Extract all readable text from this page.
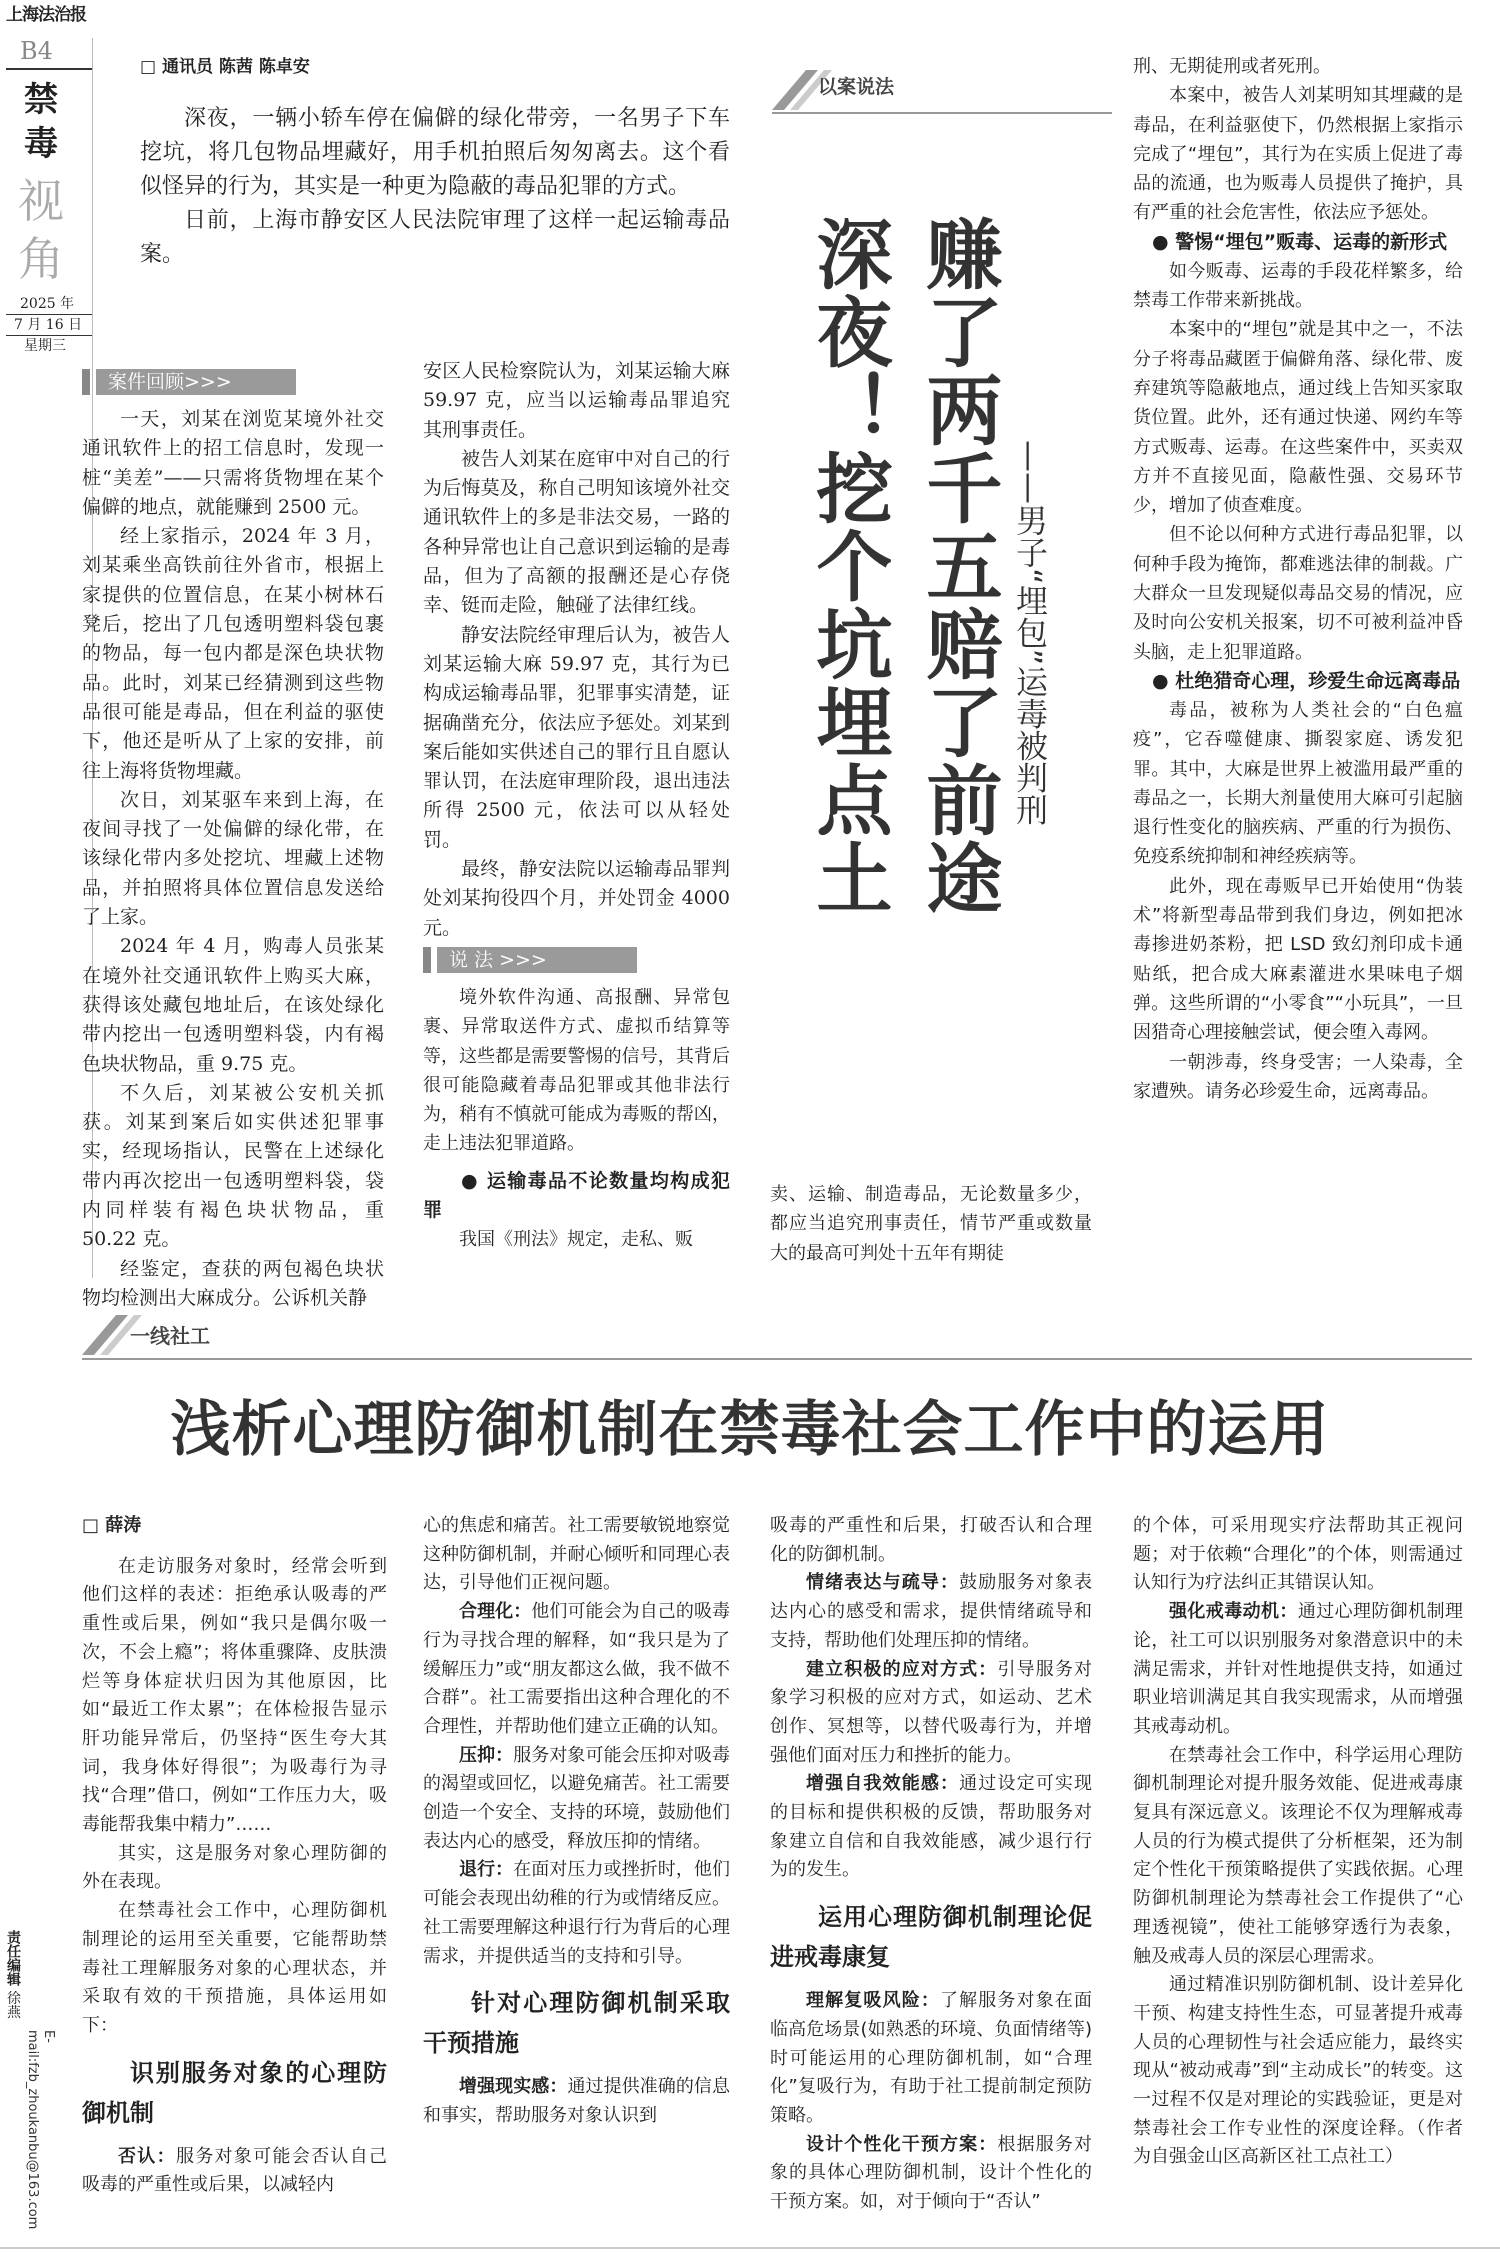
上海法治报
B4
禁
毒
视
角
2025 年
7 月 16 日
星期三
责任编辑 徐燕
E-mail:fzb_zhoukanbu@163.com
□ 通讯员 陈茜 陈卓安

深夜，一辆小轿车停在偏僻的绿化带旁，一名男子下车挖坑，将几包物品埋藏好，用手机拍照后匆匆离去。这个看似怪异的行为，其实是一种更为隐蔽的毒品犯罪的方式。

日前，上海市静安区人民法院审理了这样一起运输毒品案。

以案说法
赚了两千五赔了前途
深夜！挖个坑埋点土	——男子“埋包”运毒被判刑
案件回顾>>>

一天，刘某在浏览某境外社交通讯软件上的招工信息时，发现一桩“美差”——只需将货物埋在某个偏僻的地点，就能赚到 2500 元。

经上家指示，2024 年 3 月，刘某乘坐高铁前往外省市，根据上家提供的位置信息，在某小树林石凳后，挖出了几包透明塑料袋包裹的物品，每一包内都是深色块状物品。此时，刘某已经猜测到这些物品很可能是毒品，但在利益的驱使下，他还是听从了上家的安排，前往上海将货物埋藏。

次日，刘某驱车来到上海，在夜间寻找了一处偏僻的绿化带，在该绿化带内多处挖坑、埋藏上述物品，并拍照将具体位置信息发送给了上家。

2024 年 4 月，购毒人员张某在境外社交通讯软件上购买大麻，获得该处藏包地址后，在该处绿化带内挖出一包透明塑料袋，内有褐色块状物品，重 9.75 克。

不久后，刘某被公安机关抓获。刘某到案后如实供述犯罪事实，经现场指认，民警在上述绿化带内再次挖出一包透明塑料袋，袋内同样装有褐色块状物品，重 50.22 克。

经鉴定，查获的两包褐色块状物均检测出大麻成分。公诉机关静

安区人民检察院认为，刘某运输大麻 59.97 克，应当以运输毒品罪追究其刑事责任。

被告人刘某在庭审中对自己的行为后悔莫及，称自己明知该境外社交通讯软件上的多是非法交易，一路的各种异常也让自己意识到运输的是毒品，但为了高额的报酬还是心存侥幸、铤而走险，触碰了法律红线。

静安法院经审理后认为，被告人刘某运输大麻 59.97 克，其行为已构成运输毒品罪，犯罪事实清楚，证据确凿充分，依法应予惩处。刘某到案后能如实供述自己的罪行且自愿认罪认罚，在法庭审理阶段，退出违法所得 2500 元，依法可以从轻处罚。

最终，静安法院以运输毒品罪判处刘某拘役四个月，并处罚金 4000 元。

说 法 >>>

境外软件沟通、高报酬、异常包裹、异常取送件方式、虚拟币结算等等，这些都是需要警惕的信号，其背后很可能隐藏着毒品犯罪或其他非法行为，稍有不慎就可能成为毒贩的帮凶，走上违法犯罪道路。

● 运输毒品不论数量均构成犯罪

我国《刑法》规定，走私、贩

卖、运输、制造毒品，无论数量多少，都应当追究刑事责任，情节严重或数量大的最高可判处十五年有期徒

刑、无期徒刑或者死刑。

本案中，被告人刘某明知其埋藏的是毒品，在利益驱使下，仍然根据上家指示完成了“埋包”，其行为在实质上促进了毒品的流通，也为贩毒人员提供了掩护，具有严重的社会危害性，依法应予惩处。

● 警惕“埋包”贩毒、运毒的新形式

如今贩毒、运毒的手段花样繁多，给禁毒工作带来新挑战。

本案中的“埋包”就是其中之一，不法分子将毒品藏匿于偏僻角落、绿化带、废弃建筑等隐蔽地点，通过线上告知买家取货位置。此外，还有通过快递、网约车等方式贩毒、运毒。在这些案件中，买卖双方并不直接见面，隐蔽性强、交易环节少，增加了侦查难度。

但不论以何种方式进行毒品犯罪，以何种手段为掩饰，都难逃法律的制裁。广大群众一旦发现疑似毒品交易的情况，应及时向公安机关报案，切不可被利益冲昏头脑，走上犯罪道路。

● 杜绝猎奇心理，珍爱生命远离毒品

毒品，被称为人类社会的“白色瘟疫”，它吞噬健康、撕裂家庭、诱发犯罪。其中，大麻是世界上被滥用最严重的毒品之一，长期大剂量使用大麻可引起脑退行性变化的脑疾病、严重的行为损伤、免疫系统抑制和神经疾病等。

此外，现在毒贩早已开始使用“伪装术”将新型毒品带到我们身边，例如把冰毒掺进奶茶粉，把 LSD 致幻剂印成卡通贴纸，把合成大麻素灌进水果味电子烟弹。这些所谓的“小零食”“小玩具”，一旦因猎奇心理接触尝试，便会堕入毒网。

一朝涉毒，终身受害；一人染毒，全家遭殃。请务必珍爱生命，远离毒品。

一线社工
浅析心理防御机制在禁毒社会工作中的运用

□ 薛涛

在走访服务对象时，经常会听到他们这样的表述：拒绝承认吸毒的严重性或后果，例如“我只是偶尔吸一次，不会上瘾”；将体重骤降、皮肤溃烂等身体症状归因为其他原因，比如“最近工作太累”；在体检报告显示肝功能异常后，仍坚持“医生夸大其词，我身体好得很”；为吸毒行为寻找“合理”借口，例如“工作压力大，吸毒能帮我集中精力”……

其实，这是服务对象心理防御的外在表现。

在禁毒社会工作中，心理防御机制理论的运用至关重要，它能帮助禁毒社工理解服务对象的心理状态，并采取有效的干预措施，具体运用如下：

识别服务对象的心理防御机制

否认：服务对象可能会否认自己吸毒的严重性或后果，以减轻内

心的焦虑和痛苦。社工需要敏锐地察觉这种防御机制，并耐心倾听和同理心表达，引导他们正视问题。

合理化：他们可能会为自己的吸毒行为寻找合理的解释，如“我只是为了缓解压力”或“朋友都这么做，我不做不合群”。社工需要指出这种合理化的不合理性，并帮助他们建立正确的认知。

压抑：服务对象可能会压抑对吸毒的渴望或回忆，以避免痛苦。社工需要创造一个安全、支持的环境，鼓励他们表达内心的感受，释放压抑的情绪。

退行：在面对压力或挫折时，他们可能会表现出幼稚的行为或情绪反应。社工需要理解这种退行行为背后的心理需求，并提供适当的支持和引导。

针对心理防御机制采取干预措施

增强现实感：通过提供准确的信息和事实，帮助服务对象认识到

吸毒的严重性和后果，打破否认和合理化的防御机制。

情绪表达与疏导：鼓励服务对象表达内心的感受和需求，提供情绪疏导和支持，帮助他们处理压抑的情绪。

建立积极的应对方式：引导服务对象学习积极的应对方式，如运动、艺术创作、冥想等，以替代吸毒行为，并增强他们面对压力和挫折的能力。

增强自我效能感：通过设定可实现的目标和提供积极的反馈，帮助服务对象建立自信和自我效能感，减少退行行为的发生。

运用心理防御机制理论促进戒毒康复

理解复吸风险：了解服务对象在面临高危场景(如熟悉的环境、负面情绪等)时可能运用的心理防御机制，如“合理化”复吸行为，有助于社工提前制定预防策略。

设计个性化干预方案：根据服务对象的具体心理防御机制，设计个性化的干预方案。如，对于倾向于“否认”

的个体，可采用现实疗法帮助其正视问题；对于依赖“合理化”的个体，则需通过认知行为疗法纠正其错误认知。

强化戒毒动机：通过心理防御机制理论，社工可以识别服务对象潜意识中的未满足需求，并针对性地提供支持，如通过职业培训满足其自我实现需求，从而增强其戒毒动机。

在禁毒社会工作中，科学运用心理防御机制理论对提升服务效能、促进戒毒康复具有深远意义。该理论不仅为理解戒毒人员的行为模式提供了分析框架，还为制定个性化干预策略提供了实践依据。心理防御机制理论为禁毒社会工作提供了“心理透视镜”，使社工能够穿透行为表象，触及戒毒人员的深层心理需求。

通过精准识别防御机制、设计差异化干预、构建支持性生态，可显著提升戒毒人员的心理韧性与社会适应能力，最终实现从“被动戒毒”到“主动成长”的转变。这一过程不仅是对理论的实践验证，更是对禁毒社会工作专业性的深度诠释。（作者为自强金山区高新区社工点社工）
